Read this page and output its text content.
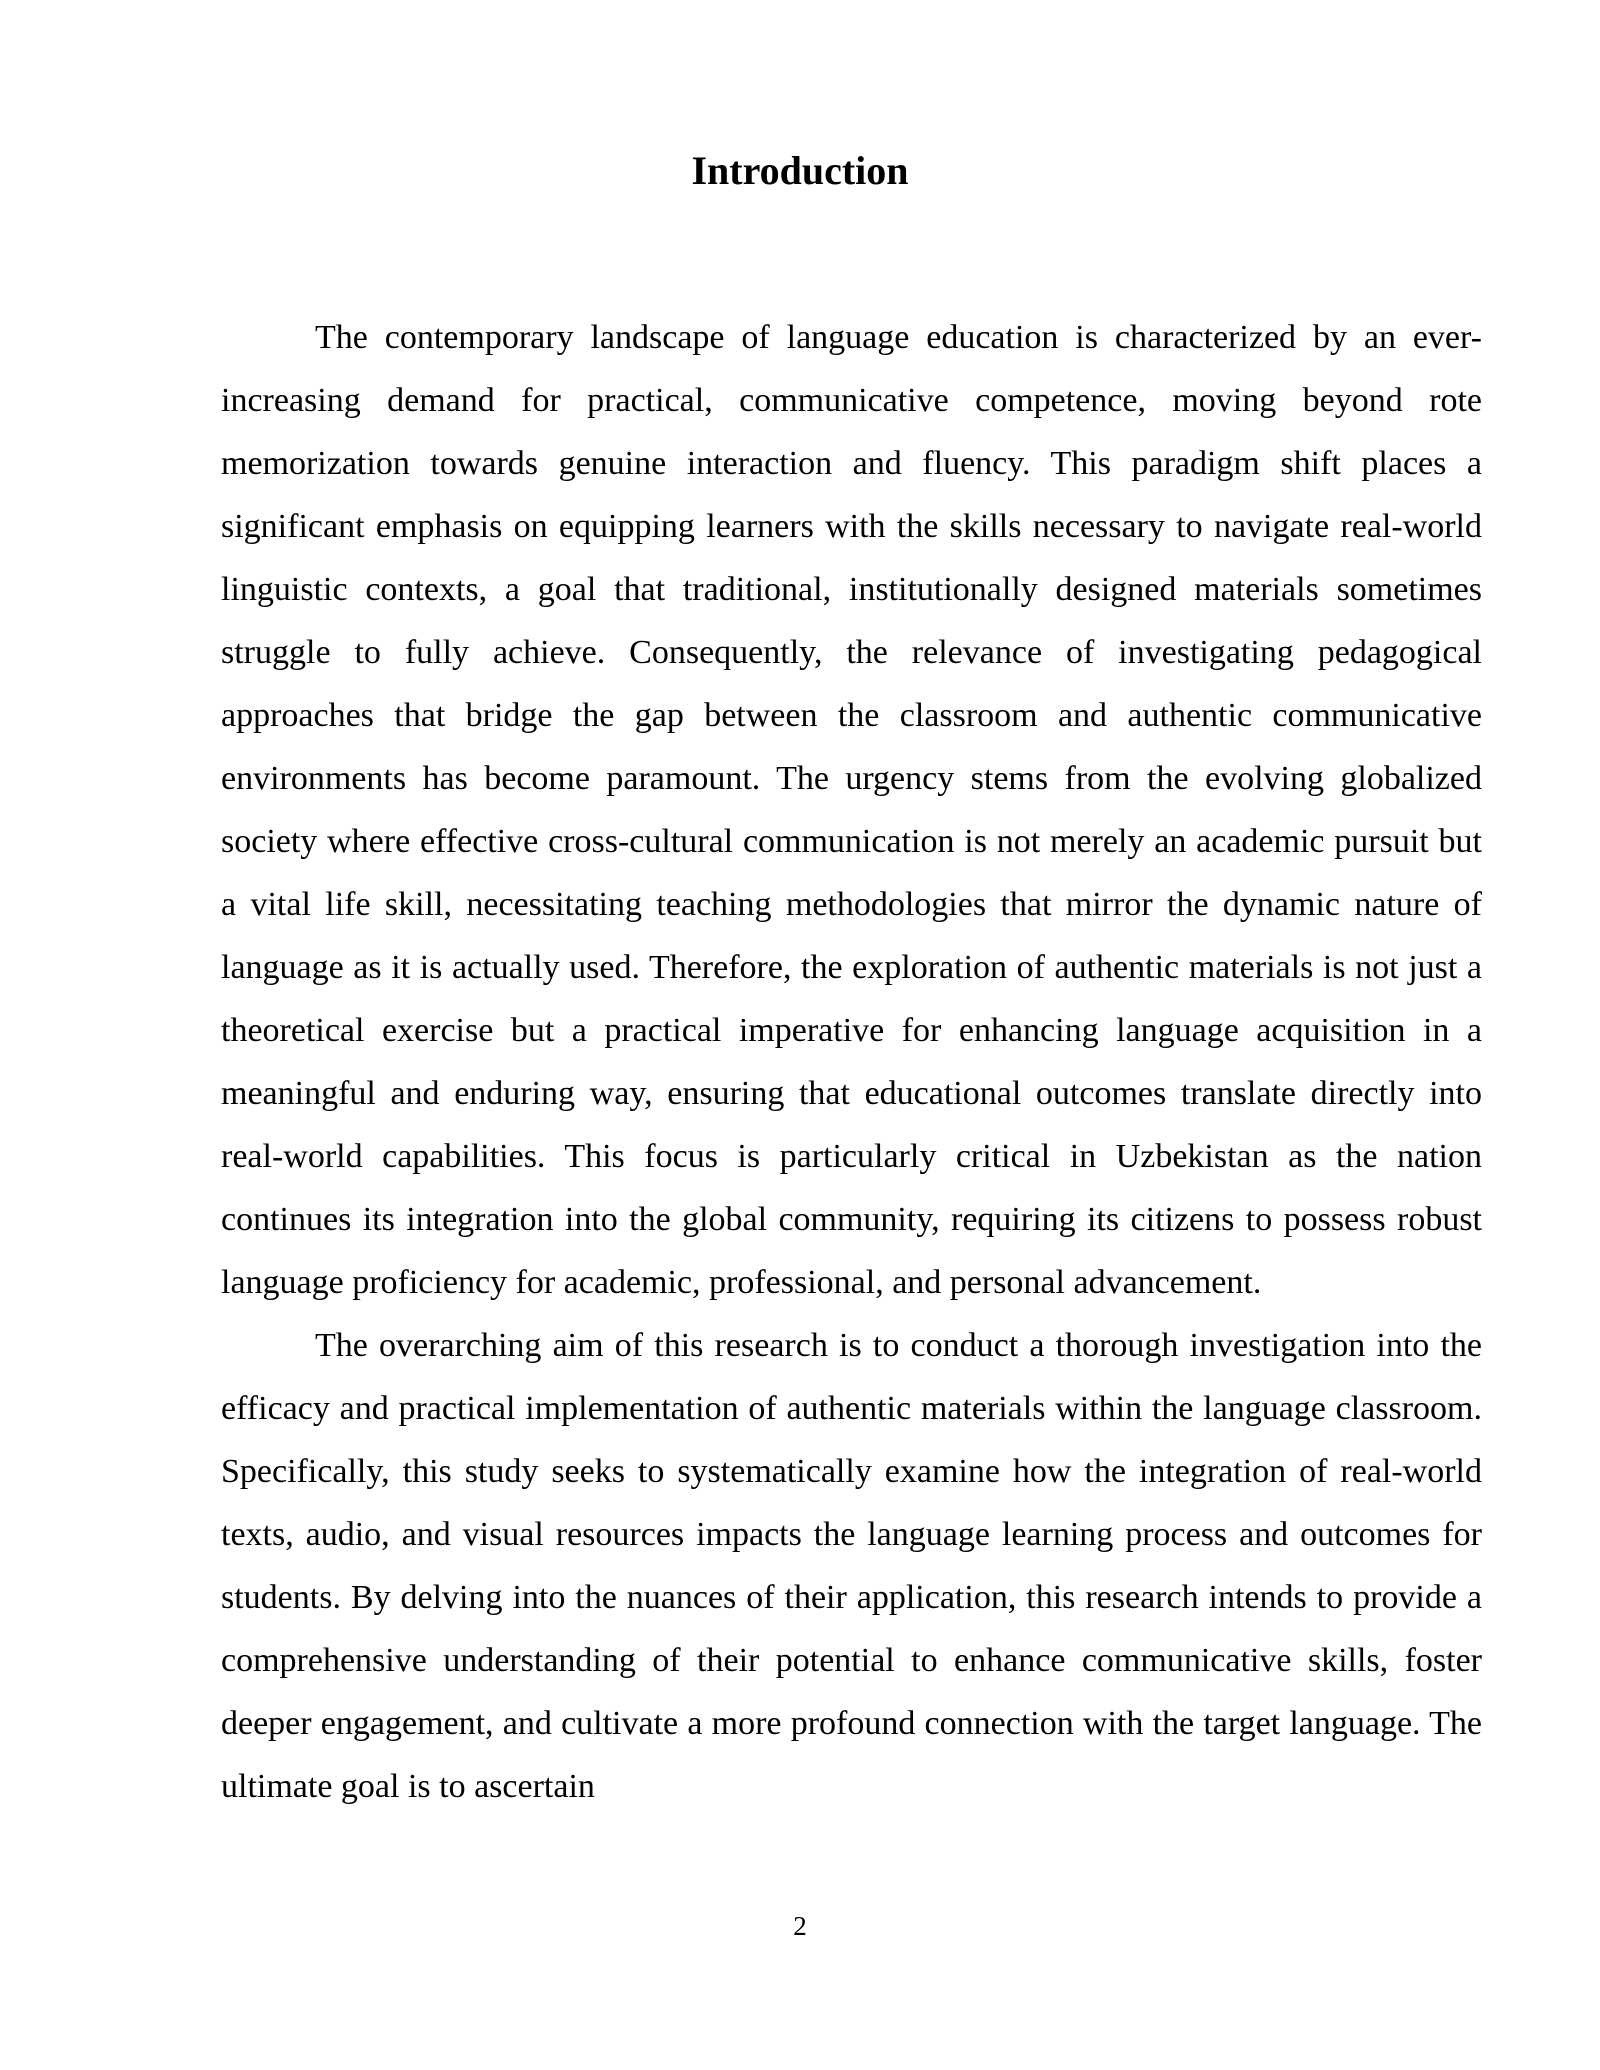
Introduction

The contemporary landscape of language education is characterized by an ever-increasing demand for practical, communicative competence, moving beyond rote memorization towards genuine interaction and fluency. This paradigm shift places a significant emphasis on equipping learners with the skills necessary to navigate real-world linguistic contexts, a goal that traditional, institutionally designed materials sometimes struggle to fully achieve. Consequently, the relevance of investigating pedagogical approaches that bridge the gap between the classroom and authentic communicative environments has become paramount. The urgency stems from the evolving globalized society where effective cross-cultural communication is not merely an academic pursuit but a vital life skill, necessitating teaching methodologies that mirror the dynamic nature of language as it is actually used. Therefore, the exploration of authentic materials is not just a theoretical exercise but a practical imperative for enhancing language acquisition in a meaningful and enduring way, ensuring that educational outcomes translate directly into real-world capabilities. This focus is particularly critical in Uzbekistan as the nation continues its integration into the global community, requiring its citizens to possess robust language proficiency for academic, professional, and personal advancement.

The overarching aim of this research is to conduct a thorough investigation into the efficacy and practical implementation of authentic materials within the language classroom. Specifically, this study seeks to systematically examine how the integration of real-world texts, audio, and visual resources impacts the language learning process and outcomes for students. By delving into the nuances of their application, this research intends to provide a comprehensive understanding of their potential to enhance communicative skills, foster deeper engagement, and cultivate a more profound connection with the target language. The ultimate goal is to ascertain

2
